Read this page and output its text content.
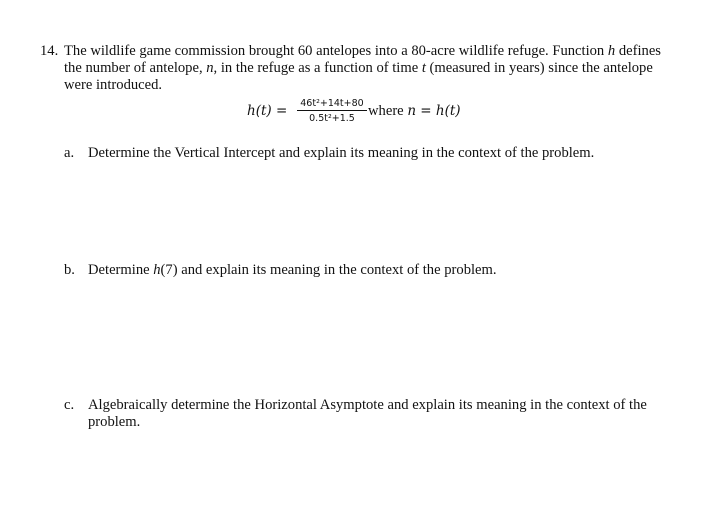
14. The wildlife game commission brought 60 antelopes into a 80-acre wildlife refuge. Function h defines
the number of antelope, n, in the refuge as a function of time t (measured in years) since the antelope
were introduced.
$h(t) = \frac{\text{46t²+14t+80}}{\text{0.5t²+1.5}}$ where n = h(t)
a. Determine the Vertical Intercept and explain its meaning in the context of the problem.
b. Determine h(7) and explain its meaning in the context of the problem.
c. Algebraically determine the Horizontal Asymptote and explain its meaning in the context of the
problem.
